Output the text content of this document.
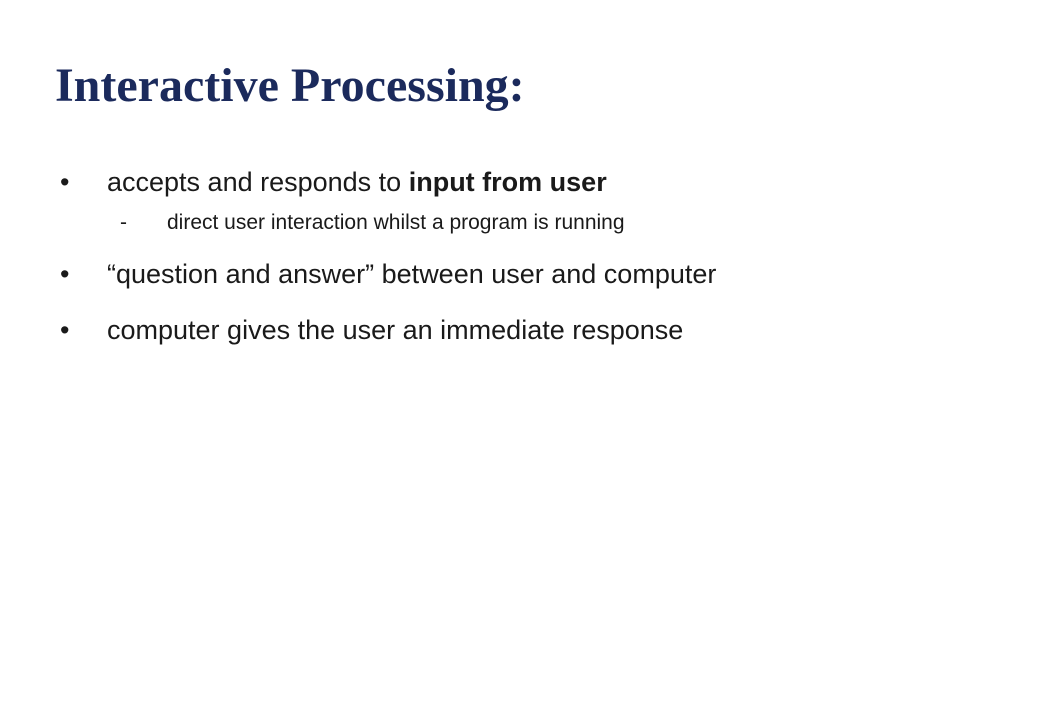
Interactive Processing:
•	accepts and responds to input from user
- direct user interaction whilst a program is running
•	“question and answer” between user and computer
•	computer gives the user an immediate response
